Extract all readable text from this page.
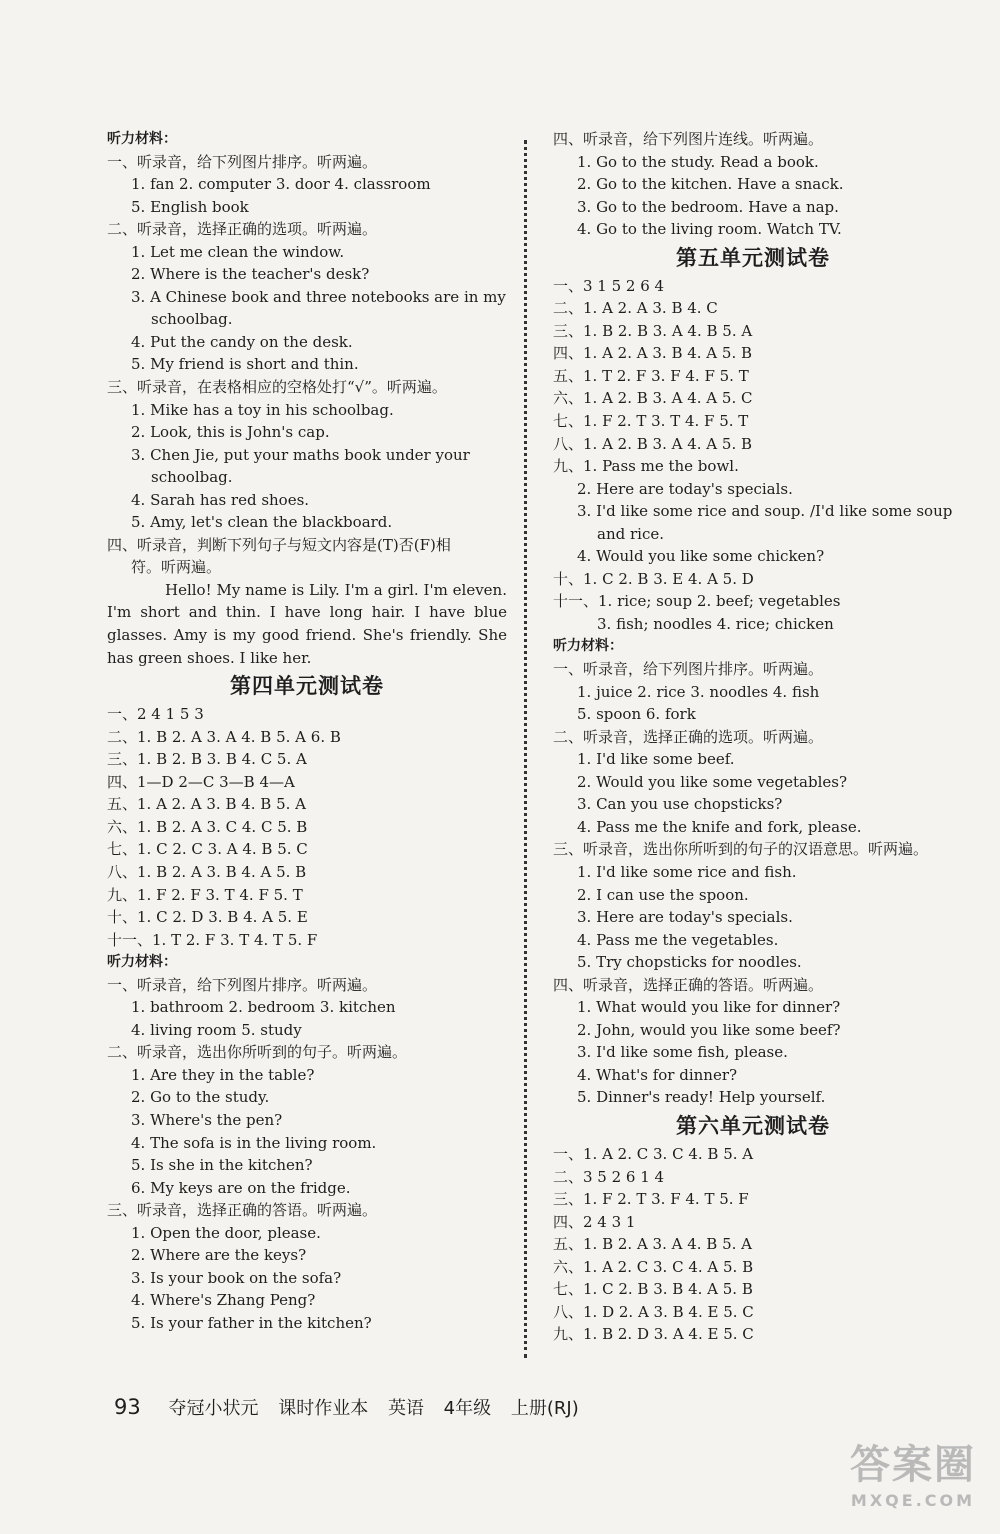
听力材料：
一、听录音，给下列图片排序。听两遍。
1. fan 2. computer 3. door 4. classroom
5. English book
二、听录音，选择正确的选项。听两遍。
1. Let me clean the window.
2. Where is the teacher's desk?
3. A Chinese book and three notebooks are in my
schoolbag.
4. Put the candy on the desk.
5. My friend is short and thin.
三、听录音，在表格相应的空格处打“√”。听两遍。
1. Mike has a toy in his schoolbag.
2. Look, this is John's cap.
3. Chen Jie, put your maths book under your
schoolbag.
4. Sarah has red shoes.
5. Amy, let's clean the blackboard.
四、听录音，判断下列句子与短文内容是(T)否(F)相
符。听两遍。
Hello! My name is Lily. I'm a girl. I'm eleven. I'm short and thin. I have long hair. I have blue glasses. Amy is my good friend. She's friendly. She has green shoes. I like her.
第四单元测试卷
一、2 4 1 5 3
二、1. B 2. A 3. A 4. B 5. A 6. B
三、1. B 2. B 3. B 4. C 5. A
四、1—D 2—C 3—B 4—A
五、1. A 2. A 3. B 4. B 5. A
六、1. B 2. A 3. C 4. C 5. B
七、1. C 2. C 3. A 4. B 5. C
八、1. B 2. A 3. B 4. A 5. B
九、1. F 2. F 3. T 4. F 5. T
十、1. C 2. D 3. B 4. A 5. E
十一、1. T 2. F 3. T 4. T 5. F
听力材料：
一、听录音，给下列图片排序。听两遍。
1. bathroom 2. bedroom 3. kitchen
4. living room 5. study
二、听录音，选出你所听到的句子。听两遍。
1. Are they in the table?
2. Go to the study.
3. Where's the pen?
4. The sofa is in the living room.
5. Is she in the kitchen?
6. My keys are on the fridge.
三、听录音，选择正确的答语。听两遍。
1. Open the door, please.
2. Where are the keys?
3. Is your book on the sofa?
4. Where's Zhang Peng?
5. Is your father in the kitchen?
四、听录音，给下列图片连线。听两遍。
1. Go to the study. Read a book.
2. Go to the kitchen. Have a snack.
3. Go to the bedroom. Have a nap.
4. Go to the living room. Watch TV.
第五单元测试卷
一、3 1 5 2 6 4
二、1. A 2. A 3. B 4. C
三、1. B 2. B 3. A 4. B 5. A
四、1. A 2. A 3. B 4. A 5. B
五、1. T 2. F 3. F 4. F 5. T
六、1. A 2. B 3. A 4. A 5. C
七、1. F 2. T 3. T 4. F 5. T
八、1. A 2. B 3. A 4. A 5. B
九、1. Pass me the bowl.
2. Here are today's specials.
3. I'd like some rice and soup. /I'd like some soup
and rice.
4. Would you like some chicken?
十、1. C 2. B 3. E 4. A 5. D
十一、1. rice; soup 2. beef; vegetables
3. fish; noodles 4. rice; chicken
听力材料：
一、听录音，给下列图片排序。听两遍。
1. juice 2. rice 3. noodles 4. fish
5. spoon 6. fork
二、听录音，选择正确的选项。听两遍。
1. I'd like some beef.
2. Would you like some vegetables?
3. Can you use chopsticks?
4. Pass me the knife and fork, please.
三、听录音，选出你所听到的句子的汉语意思。听两遍。
1. I'd like some rice and fish.
2. I can use the spoon.
3. Here are today's specials.
4. Pass me the vegetables.
5. Try chopsticks for noodles.
四、听录音，选择正确的答语。听两遍。
1. What would you like for dinner?
2. John, would you like some beef?
3. I'd like some fish, please.
4. What's for dinner?
5. Dinner's ready! Help yourself.
第六单元测试卷
一、1. A 2. C 3. C 4. B 5. A
二、3 5 2 6 1 4
三、1. F 2. T 3. F 4. T 5. F
四、2 4 3 1
五、1. B 2. A 3. A 4. B 5. A
六、1. A 2. C 3. C 4. A 5. B
七、1. C 2. B 3. B 4. A 5. B
八、1. D 2. A 3. B 4. E 5. C
九、1. B 2. D 3. A 4. E 5. C
93 夺冠小状元 课时作业本 英语 4年级 上册(RJ)
答案圈
MXQE.COM
